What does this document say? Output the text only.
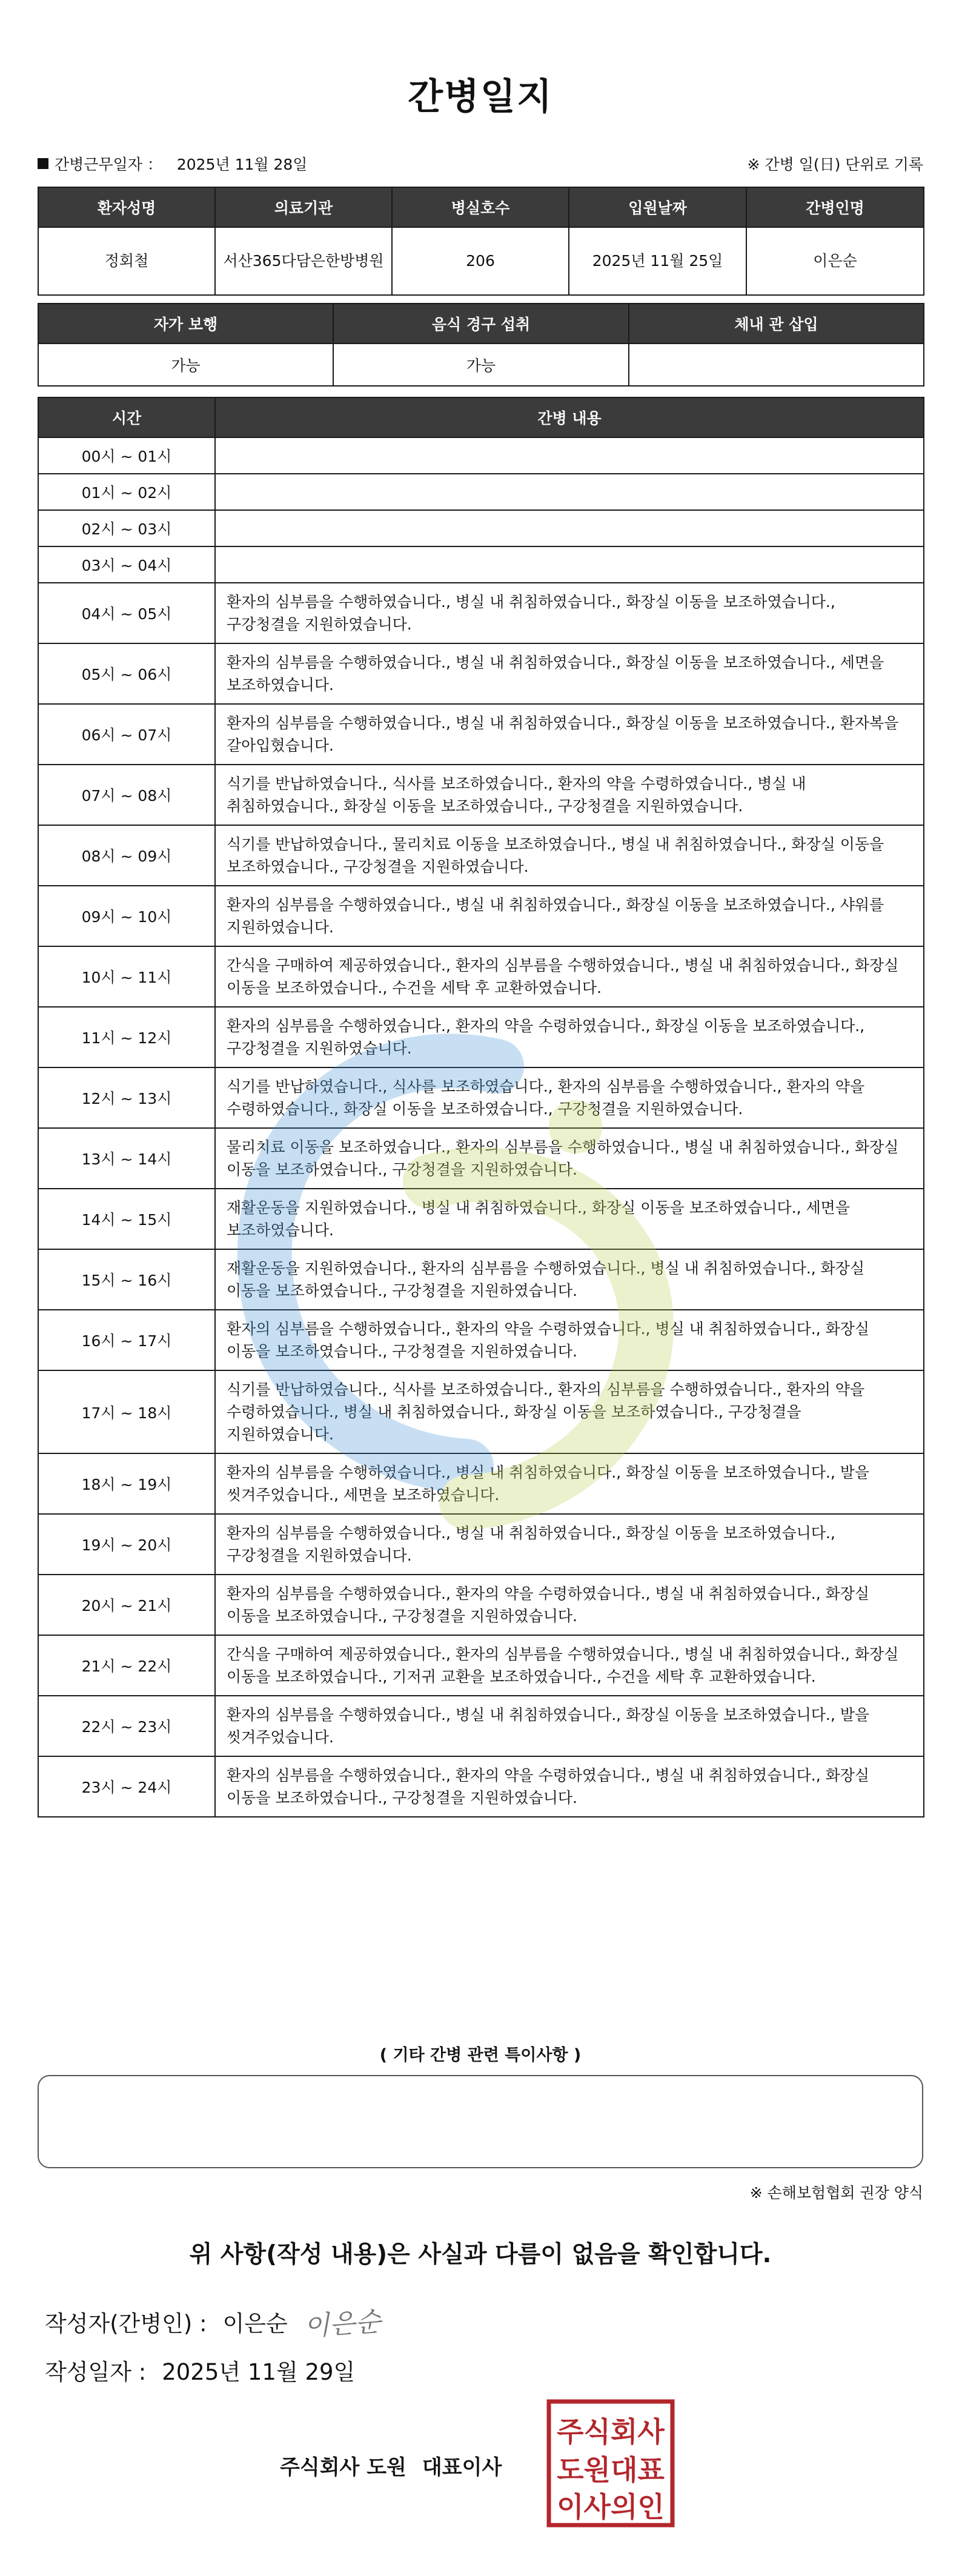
간병일지
간병근무일자 ： 2025년 11월 28일	※ 간병 일(日) 단위로 기록
환자성명	의료기관	병실호수	입원날짜	간병인명
정회철	서산365다담은한방병원	206	2025년 11월 25일	이은순
자가 보행	음식 경구 섭취	체내 관 삽입
가능	가능	
시간	간병 내용
00시 ~ 01시	
01시 ~ 02시	
02시 ~ 03시	
03시 ~ 04시	
04시 ~ 05시	환자의 심부름을 수행하였습니다., 병실 내 취침하였습니다., 화장실 이동을 보조하였습니다., 구강청결을 지원하였습니다.
05시 ~ 06시	환자의 심부름을 수행하였습니다., 병실 내 취침하였습니다., 화장실 이동을 보조하였습니다., 세면을 보조하였습니다.
06시 ~ 07시	환자의 심부름을 수행하였습니다., 병실 내 취침하였습니다., 화장실 이동을 보조하였습니다., 환자복을 갈아입혔습니다.
07시 ~ 08시	식기를 반납하였습니다., 식사를 보조하였습니다., 환자의 약을 수령하였습니다., 병실 내 취침하였습니다., 화장실 이동을 보조하였습니다., 구강청결을 지원하였습니다.
08시 ~ 09시	식기를 반납하였습니다., 물리치료 이동을 보조하였습니다., 병실 내 취침하였습니다., 화장실 이동을 보조하였습니다., 구강청결을 지원하였습니다.
09시 ~ 10시	환자의 심부름을 수행하였습니다., 병실 내 취침하였습니다., 화장실 이동을 보조하였습니다., 샤워를 지원하였습니다.
10시 ~ 11시	간식을 구매하여 제공하였습니다., 환자의 심부름을 수행하였습니다., 병실 내 취침하였습니다., 화장실 이동을 보조하였습니다., 수건을 세탁 후 교환하였습니다.
11시 ~ 12시	환자의 심부름을 수행하였습니다., 환자의 약을 수령하였습니다., 화장실 이동을 보조하였습니다., 구강청결을 지원하였습니다.
12시 ~ 13시	식기를 반납하였습니다., 식사를 보조하였습니다., 환자의 심부름을 수행하였습니다., 환자의 약을 수령하였습니다., 화장실 이동을 보조하였습니다., 구강청결을 지원하였습니다.
13시 ~ 14시	물리치료 이동을 보조하였습니다., 환자의 심부름을 수행하였습니다., 병실 내 취침하였습니다., 화장실 이동을 보조하였습니다., 구강청결을 지원하였습니다.
14시 ~ 15시	재활운동을 지원하였습니다., 병실 내 취침하였습니다., 화장실 이동을 보조하였습니다., 세면을 보조하였습니다.
15시 ~ 16시	재활운동을 지원하였습니다., 환자의 심부름을 수행하였습니다., 병실 내 취침하였습니다., 화장실 이동을 보조하였습니다., 구강청결을 지원하였습니다.
16시 ~ 17시	환자의 심부름을 수행하였습니다., 환자의 약을 수령하였습니다., 병실 내 취침하였습니다., 화장실 이동을 보조하였습니다., 구강청결을 지원하였습니다.
17시 ~ 18시	식기를 반납하였습니다., 식사를 보조하였습니다., 환자의 심부름을 수행하였습니다., 환자의 약을 수령하였습니다., 병실 내 취침하였습니다., 화장실 이동을 보조하였습니다., 구강청결을 지원하였습니다.
18시 ~ 19시	환자의 심부름을 수행하였습니다., 병실 내 취침하였습니다., 화장실 이동을 보조하였습니다., 발을 씻겨주었습니다., 세면을 보조하였습니다.
19시 ~ 20시	환자의 심부름을 수행하였습니다., 병실 내 취침하였습니다., 화장실 이동을 보조하였습니다., 구강청결을 지원하였습니다.
20시 ~ 21시	환자의 심부름을 수행하였습니다., 환자의 약을 수령하였습니다., 병실 내 취침하였습니다., 화장실 이동을 보조하였습니다., 구강청결을 지원하였습니다.
21시 ~ 22시	간식을 구매하여 제공하였습니다., 환자의 심부름을 수행하였습니다., 병실 내 취침하였습니다., 화장실 이동을 보조하였습니다., 기저귀 교환을 보조하였습니다., 수건을 세탁 후 교환하였습니다.
22시 ~ 23시	환자의 심부름을 수행하였습니다., 병실 내 취침하였습니다., 화장실 이동을 보조하였습니다., 발을 씻겨주었습니다.
23시 ~ 24시	환자의 심부름을 수행하였습니다., 환자의 약을 수령하였습니다., 병실 내 취침하였습니다., 화장실 이동을 보조하였습니다., 구강청결을 지원하였습니다.
( 기타 간병 관련 특이사항 )
※ 손해보험협회 권장 양식
위 사항(작성 내용)은 사실과 다름이 없음을 확인합니다.
작성자(간병인) : 이은순 이은순
작성일자 : 2025년 11월 29일
주식회사 도원 대표이사
주식회사
도원대표
이사의인
